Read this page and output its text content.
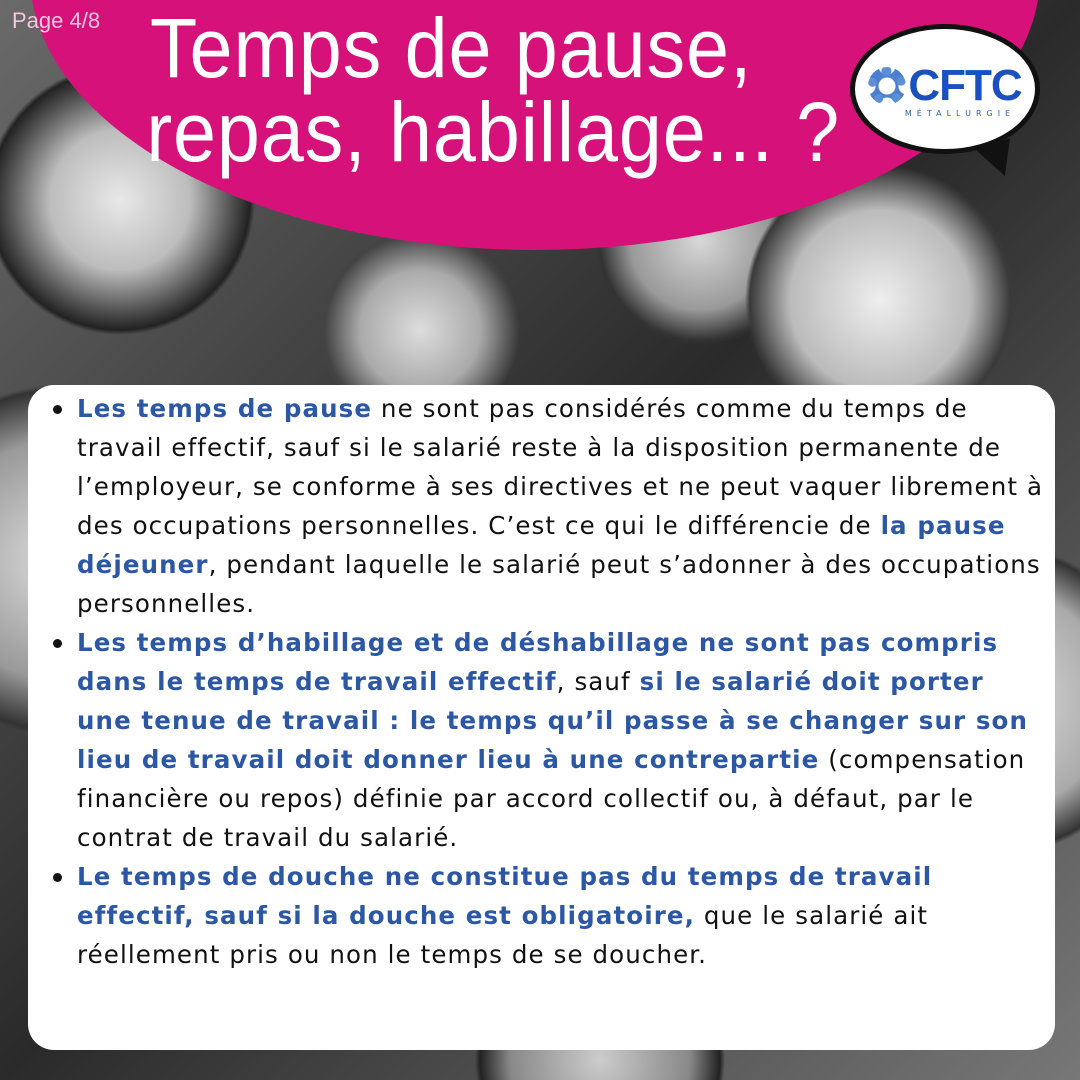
Page 4/8 Temps de pause,
repas, habillage... ? CFTC
MÉTALLURGIE
Les temps de pause ne sont pas considérés comme du temps de travail effectif, sauf si le salarié reste à la disposition permanente de l’employeur, se conforme à ses directives et ne peut vaquer librement à des occupations personnelles. C’est ce qui le différencie de la pause déjeuner, pendant laquelle le salarié peut s’adonner à des occupations personnelles.
Les temps d’habillage et de déshabillage ne sont pas compris dans le temps de travail effectif, sauf si le salarié doit porter une tenue de travail : le temps qu’il passe à se changer sur son lieu de travail doit donner lieu à une contrepartie (compensation financière ou repos) définie par accord collectif ou, à défaut, par le contrat de travail du salarié.
Le temps de douche ne constitue pas du temps de travail effectif, sauf si la douche est obligatoire, que le salarié ait réellement pris ou non le temps de se doucher.
